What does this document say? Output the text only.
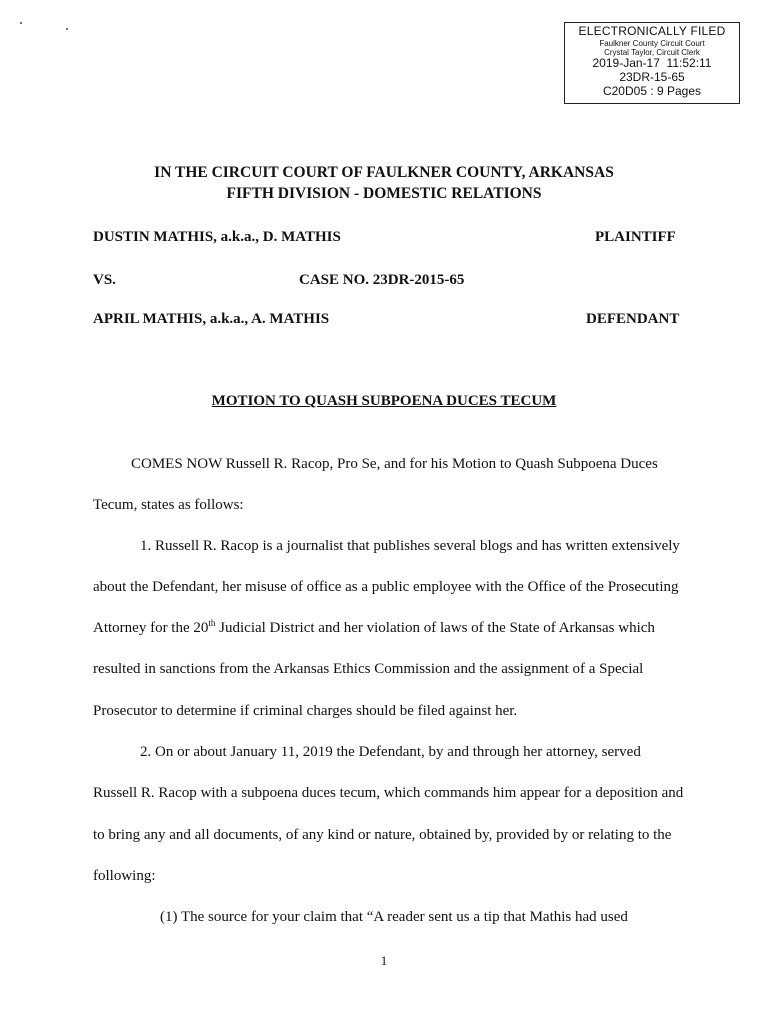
ELECTRONICALLY FILED
Faulkner County Circuit Court
Crystal Taylor, Circuit Clerk
2019-Jan-17  11:52:11
23DR-15-65
C20D05 : 9 Pages
IN THE CIRCUIT COURT OF FAULKNER COUNTY, ARKANSAS
FIFTH DIVISION - DOMESTIC RELATIONS
DUSTIN MATHIS, a.k.a., D. MATHIS	PLAINTIFF
VS.	CASE NO. 23DR-2015-65
APRIL MATHIS, a.k.a., A. MATHIS	DEFENDANT
MOTION TO QUASH SUBPOENA DUCES TECUM
COMES NOW Russell R. Racop, Pro Se, and for his Motion to Quash Subpoena Duces
Tecum, states as follows:
1. Russell R. Racop is a journalist that publishes several blogs and has written extensively
about the Defendant, her misuse of office as a public employee with the Office of the Prosecuting
Attorney for the 20th Judicial District and her violation of laws of the State of Arkansas which
resulted in sanctions from the Arkansas Ethics Commission and the assignment of a Special
Prosecutor to determine if criminal charges should be filed against her.
2. On or about January 11, 2019 the Defendant, by and through her attorney, served
Russell R. Racop with a subpoena duces tecum, which commands him appear for a deposition and
to bring any and all documents, of any kind or nature, obtained by, provided by or relating to the
following:
(1) The source for your claim that “A reader sent us a tip that Mathis had used
1
